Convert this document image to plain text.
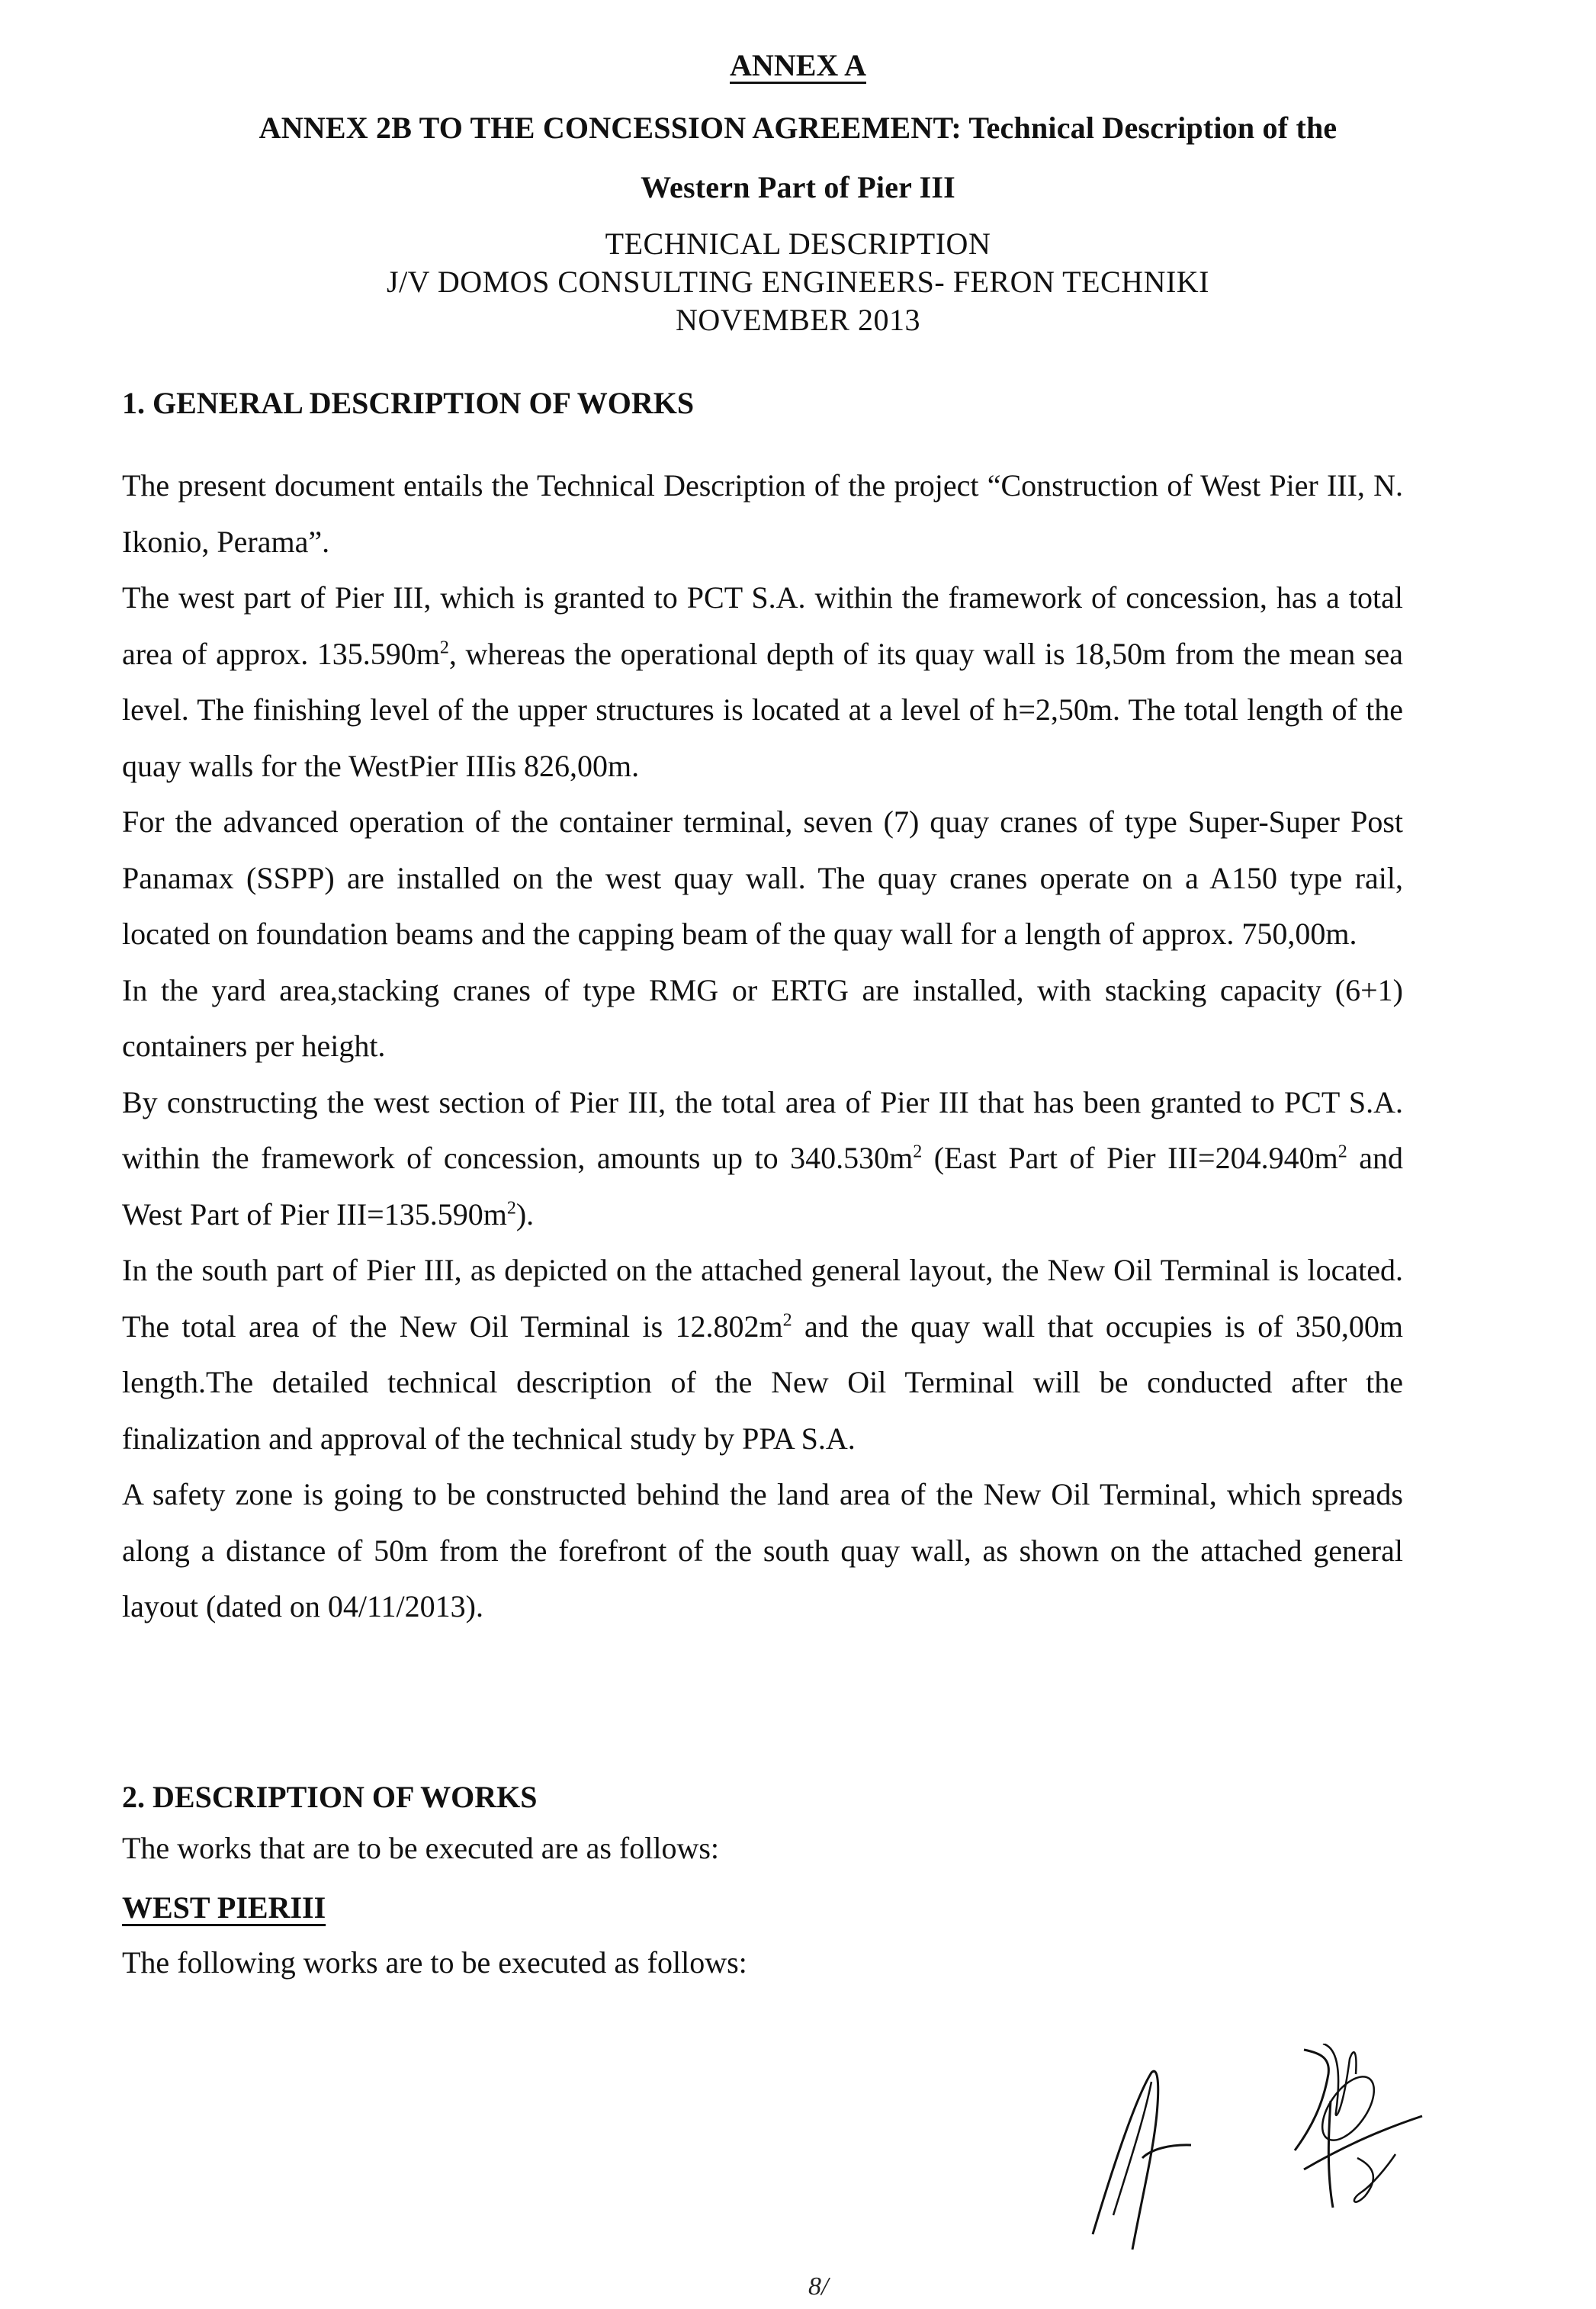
ANNEX A
ANNEX 2B TO THE CONCESSION AGREEMENT: Technical Description of the
Western Part of Pier III
TECHNICAL DESCRIPTION
J/V DOMOS CONSULTING ENGINEERS- FERON TECHNIKI
NOVEMBER 2013
1. GENERAL DESCRIPTION OF WORKS

The present document entails the Technical Description of the project “Construction of West Pier III, N. Ikonio, Perama”.

The west part of Pier III, which is granted to PCT S.A. within the framework of concession, has a total area of approx. $135.590m^2$, whereas the operational depth of its quay wall is 18,50m from the mean sea level. The finishing level of the upper structures is located at a level of h=2,50m. The total length of the quay walls for the WestPier IIIis 826,00m.

For the advanced operation of the container terminal, seven (7) quay cranes of type Super-Super Post Panamax (SSPP) are installed on the west quay wall. The quay cranes operate on a A150 type rail, located on foundation beams and the capping beam of the quay wall for a length of approx. 750,00m.

In the yard area,stacking cranes of type RMG or ERTG are installed, with stacking capacity (6+1) containers per height.

By constructing the west section of Pier III, the total area of Pier III that has been granted to PCT S.A. within the framework of concession, amounts up to $340.530m^2$ (East Part of Pier $III=204.940m^2$ and West Part of Pier $III=135.590m^2$).

In the south part of Pier III, as depicted on the attached general layout, the New Oil Terminal is located. The total area of the New Oil Terminal is $12.802m^2$ and the quay wall that occupies is of 350,00m length.The detailed technical description of the New Oil Terminal will be conducted after the finalization and approval of the technical study by PPA S.A.

A safety zone is going to be constructed behind the land area of the New Oil Terminal, which spreads along a distance of 50m from the forefront of the south quay wall, as shown on the attached general layout (dated on 04/11/2013).

2. DESCRIPTION OF WORKS
The works that are to be executed are as follows:
WEST PIERIII
The following works are to be executed as follows:
8/
